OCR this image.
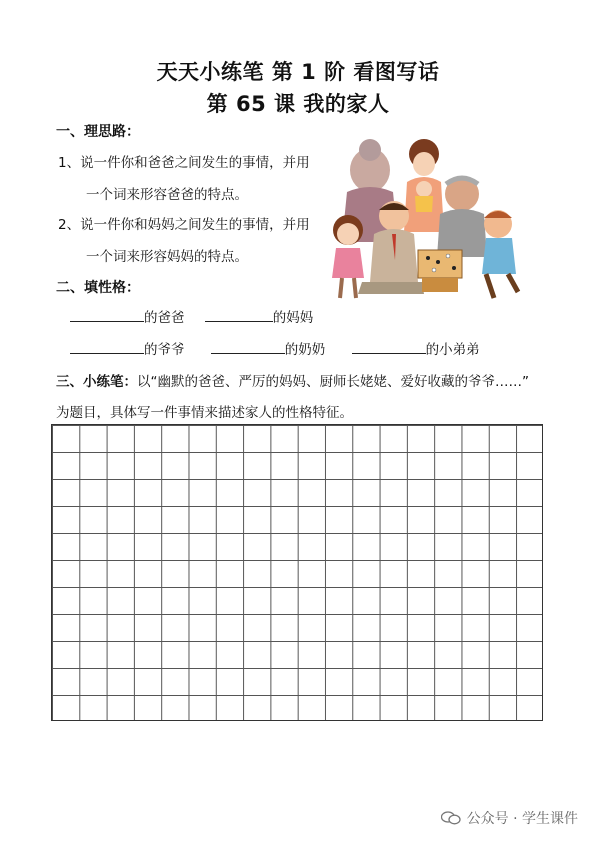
天天小练笔 第 1 阶 看图写话
第 65 课 我的家人
一、理思路：
1、说一件你和爸爸之间发生的事情，并用
一个词来形容爸爸的特点。
2、说一件你和妈妈之间发生的事情，并用
一个词来形容妈妈的特点。
二、填性格：
的爸爸	的妈妈
的爷爷	的奶奶	的小弟弟
三、小练笔：以“幽默的爸爸、严厉的妈妈、厨师长姥姥、爱好收藏的爷爷……”
为题目，具体写一件事情来描述家人的性格特征。
公众号 · 学生课件
